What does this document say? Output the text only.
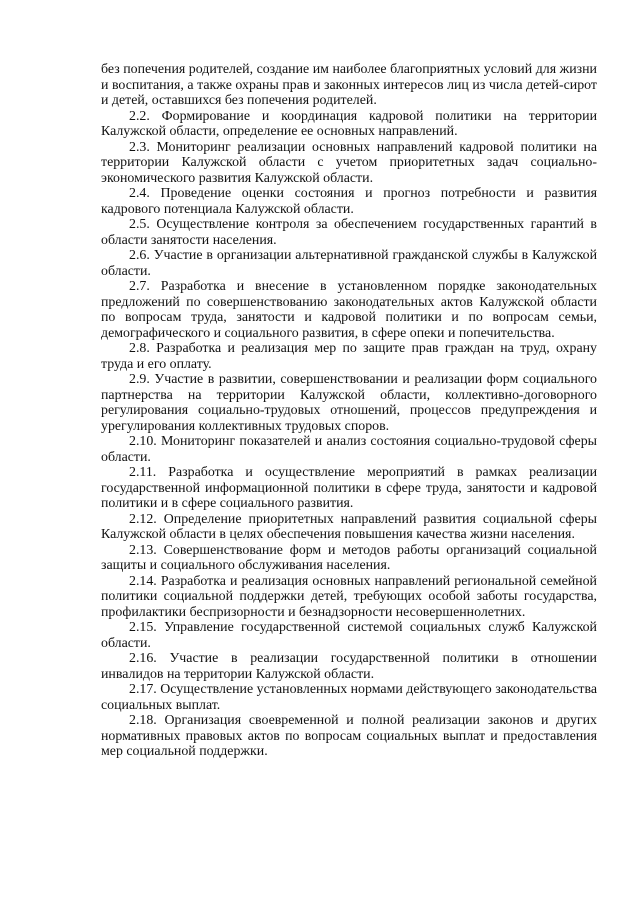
без попечения родителей, создание им наиболее благоприятных условий для жизни и воспитания, а также охраны прав и законных интересов лиц из числа детей-сирот и детей, оставшихся без попечения родителей.

2.2. Формирование и координация кадровой политики на территории Калужской области, определение ее основных направлений.

2.3. Мониторинг реализации основных направлений кадровой политики на территории Калужской области с учетом приоритетных задач социально-экономического развития Калужской области.

2.4. Проведение оценки состояния и прогноз потребности и развития кадрового потенциала Калужской области.

2.5. Осуществление контроля за обеспечением государственных гарантий в области занятости населения.

2.6. Участие в организации альтернативной гражданской службы в Калужской области.

2.7. Разработка и внесение в установленном порядке законодательных предложений по совершенствованию законодательных актов Калужской области по вопросам труда, занятости и кадровой политики и по вопросам семьи, демографического и социального развития, в сфере опеки и попечительства.

2.8. Разработка и реализация мер по защите прав граждан на труд, охрану труда и его оплату.

2.9. Участие в развитии, совершенствовании и реализации форм социального партнерства на территории Калужской области, коллективно-договорного регулирования социально-трудовых отношений, процессов предупреждения и урегулирования коллективных трудовых споров.

2.10. Мониторинг показателей и анализ состояния социально-трудовой сферы области.

2.11. Разработка и осуществление мероприятий в рамках реализации государственной информационной политики в сфере труда, занятости и кадровой политики и в сфере социального развития.

2.12. Определение приоритетных направлений развития социальной сферы Калужской области в целях обеспечения повышения качества жизни населения.

2.13. Совершенствование форм и методов работы организаций социальной защиты и социального обслуживания населения.

2.14. Разработка и реализация основных направлений региональной семейной политики социальной поддержки детей, требующих особой заботы государства, профилактики беспризорности и безнадзорности несовершеннолетних.

2.15. Управление государственной системой социальных служб Калужской области.

2.16. Участие в реализации государственной политики в отношении инвалидов на территории Калужской области.

2.17. Осуществление установленных нормами действующего законодательства социальных выплат.

2.18. Организация своевременной и полной реализации законов и других нормативных правовых актов по вопросам социальных выплат и предоставления мер социальной поддержки.
